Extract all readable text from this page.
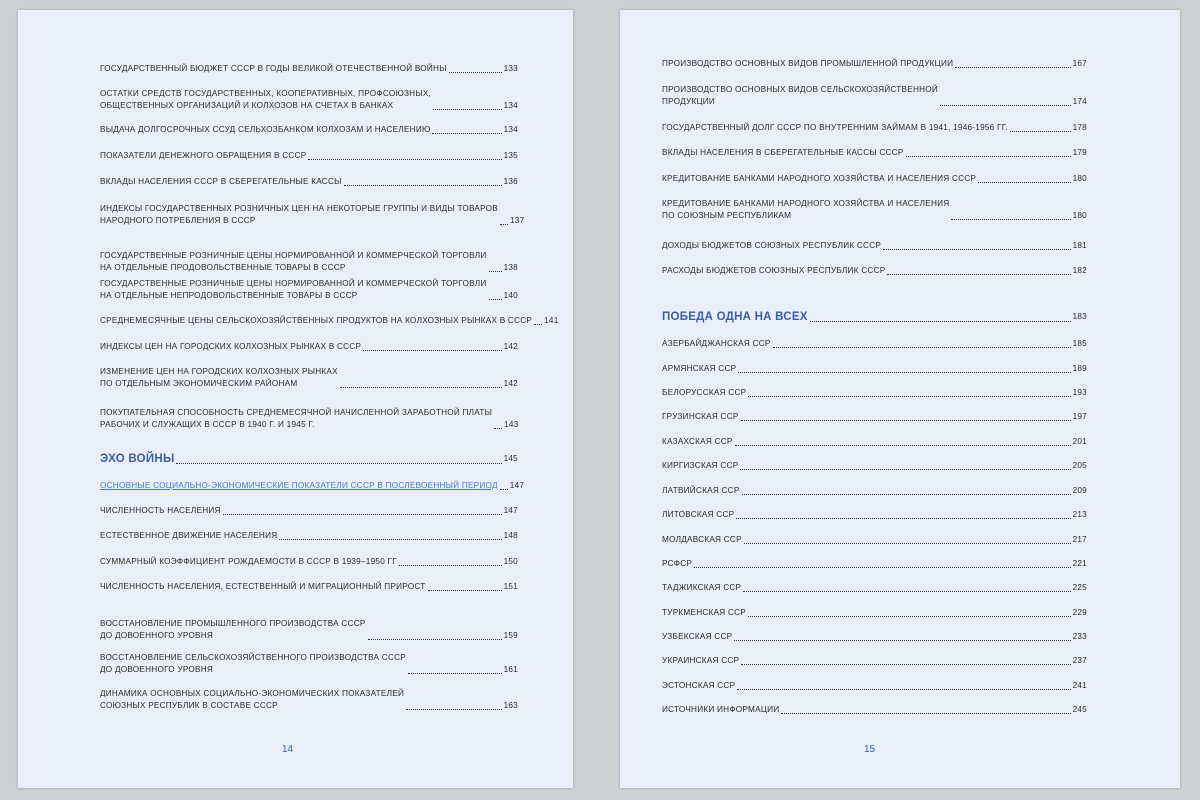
ГОСУДАРСТВЕННЫЙ БЮДЖЕТ СССР В ГОДЫ ВЕЛИКОЙ ОТЕЧЕСТВЕННОЙ ВОЙНЫ	133
ОСТАТКИ СРЕДСТВ ГОСУДАРСТВЕННЫХ, КООПЕРАТИВНЫХ, ПРОФСОЮЗНЫХ,
ОБЩЕСТВЕННЫХ ОРГАНИЗАЦИЙ И КОЛХОЗОВ НА СЧЕТАХ В БАНКАХ	134
ВЫДАЧА ДОЛГОСРОЧНЫХ ССУД СЕЛЬХОЗБАНКОМ КОЛХОЗАМ И НАСЕЛЕНИЮ	134
ПОКАЗАТЕЛИ ДЕНЕЖНОГО ОБРАЩЕНИЯ В СССР	135
ВКЛАДЫ НАСЕЛЕНИЯ СССР В СБЕРЕГАТЕЛЬНЫЕ КАССЫ	136
ИНДЕКСЫ ГОСУДАРСТВЕННЫХ РОЗНИЧНЫХ ЦЕН НА НЕКОТОРЫЕ ГРУППЫ И ВИДЫ ТОВАРОВ
НАРОДНОГО ПОТРЕБЛЕНИЯ В СССР	137
ГОСУДАРСТВЕННЫЕ РОЗНИЧНЫЕ ЦЕНЫ НОРМИРОВАННОЙ И КОММЕРЧЕСКОЙ ТОРГОВЛИ
НА ОТДЕЛЬНЫЕ ПРОДОВОЛЬСТВЕННЫЕ ТОВАРЫ В СССР	138
ГОСУДАРСТВЕННЫЕ РОЗНИЧНЫЕ ЦЕНЫ НОРМИРОВАННОЙ И КОММЕРЧЕСКОЙ ТОРГОВЛИ
НА ОТДЕЛЬНЫЕ НЕПРОДОВОЛЬСТВЕННЫЕ ТОВАРЫ В СССР	140
СРЕДНЕМЕСЯЧНЫЕ ЦЕНЫ СЕЛЬСКОХОЗЯЙСТВЕННЫХ ПРОДУКТОВ НА КОЛХОЗНЫХ РЫНКАХ В СССР 141
ИНДЕКСЫ ЦЕН НА ГОРОДСКИХ КОЛХОЗНЫХ РЫНКАХ В СССР	142
ИЗМЕНЕНИЕ ЦЕН НА ГОРОДСКИХ КОЛХОЗНЫХ РЫНКАХ
ПО ОТДЕЛЬНЫМ ЭКОНОМИЧЕСКИМ РАЙОНАМ	142
ПОКУПАТЕЛЬНАЯ СПОСОБНОСТЬ СРЕДНЕМЕСЯЧНОЙ НАЧИСЛЕННОЙ ЗАРАБОТНОЙ ПЛАТЫ
РАБОЧИХ И СЛУЖАЩИХ В СССР В 1940 Г. И 1945 Г.	143
ЭХО ВОЙНЫ	145
ОСНОВНЫЕ СОЦИАЛЬНО-ЭКОНОМИЧЕСКИЕ ПОКАЗАТЕЛИ СССР В ПОСЛЕВОЕННЫЙ ПЕРИОД 147
ЧИСЛЕННОСТЬ НАСЕЛЕНИЯ	147
ЕСТЕСТВЕННОЕ ДВИЖЕНИЕ НАСЕЛЕНИЯ	148
СУММАРНЫЙ КОЭФФИЦИЕНТ РОЖДАЕМОСТИ В СССР В 1939–1950 ГГ	150
ЧИСЛЕННОСТЬ НАСЕЛЕНИЯ, ЕСТЕСТВЕННЫЙ И МИГРАЦИОННЫЙ ПРИРОСТ	151
ВОССТАНОВЛЕНИЕ ПРОМЫШЛЕННОГО ПРОИЗВОДСТВА СССР
ДО ДОВОЕННОГО УРОВНЯ	159
ВОССТАНОВЛЕНИЕ СЕЛЬСКОХОЗЯЙСТВЕННОГО ПРОИЗВОДСТВА СССР
ДО ДОВОЕННОГО УРОВНЯ	161
ДИНАМИКА ОСНОВНЫХ СОЦИАЛЬНО-ЭКОНОМИЧЕСКИХ ПОКАЗАТЕЛЕЙ
СОЮЗНЫХ РЕСПУБЛИК В СОСТАВЕ СССР	163
14
ПРОИЗВОДСТВО ОСНОВНЫХ ВИДОВ ПРОМЫШЛЕННОЙ ПРОДУКЦИИ	167
ПРОИЗВОДСТВО ОСНОВНЫХ ВИДОВ СЕЛЬСКОХОЗЯЙСТВЕННОЙ
ПРОДУКЦИИ	174
ГОСУДАРСТВЕННЫЙ ДОЛГ СССР ПО ВНУТРЕННИМ ЗАЙМАМ В 1941, 1946-1956 ГГ.	178
ВКЛАДЫ НАСЕЛЕНИЯ В СБЕРЕГАТЕЛЬНЫЕ КАССЫ СССР	179
КРЕДИТОВАНИЕ БАНКАМИ НАРОДНОГО ХОЗЯЙСТВА И НАСЕЛЕНИЯ СССР	180
КРЕДИТОВАНИЕ БАНКАМИ НАРОДНОГО ХОЗЯЙСТВА И НАСЕЛЕНИЯ
ПО СОЮЗНЫМ РЕСПУБЛИКАМ	180
ДОХОДЫ БЮДЖЕТОВ СОЮЗНЫХ РЕСПУБЛИК СССР	181
РАСХОДЫ БЮДЖЕТОВ СОЮЗНЫХ РЕСПУБЛИК СССР	182
ПОБЕДА ОДНА НА ВСЕХ	183
АЗЕРБАЙДЖАНСКАЯ ССР	185
АРМЯНСКАЯ ССР	189
БЕЛОРУССКАЯ ССР	193
ГРУЗИНСКАЯ ССР	197
КАЗАХСКАЯ ССР	201
КИРГИЗСКАЯ ССР	205
ЛАТВИЙСКАЯ ССР	209
ЛИТОВСКАЯ ССР	213
МОЛДАВСКАЯ ССР	217
РСФСР	221
ТАДЖИКСКАЯ ССР	225
ТУРКМЕНСКАЯ ССР	229
УЗБЕКСКАЯ ССР	233
УКРАИНСКАЯ ССР	237
ЭСТОНСКАЯ ССР	241
ИСТОЧНИКИ ИНФОРМАЦИИ	245
15
